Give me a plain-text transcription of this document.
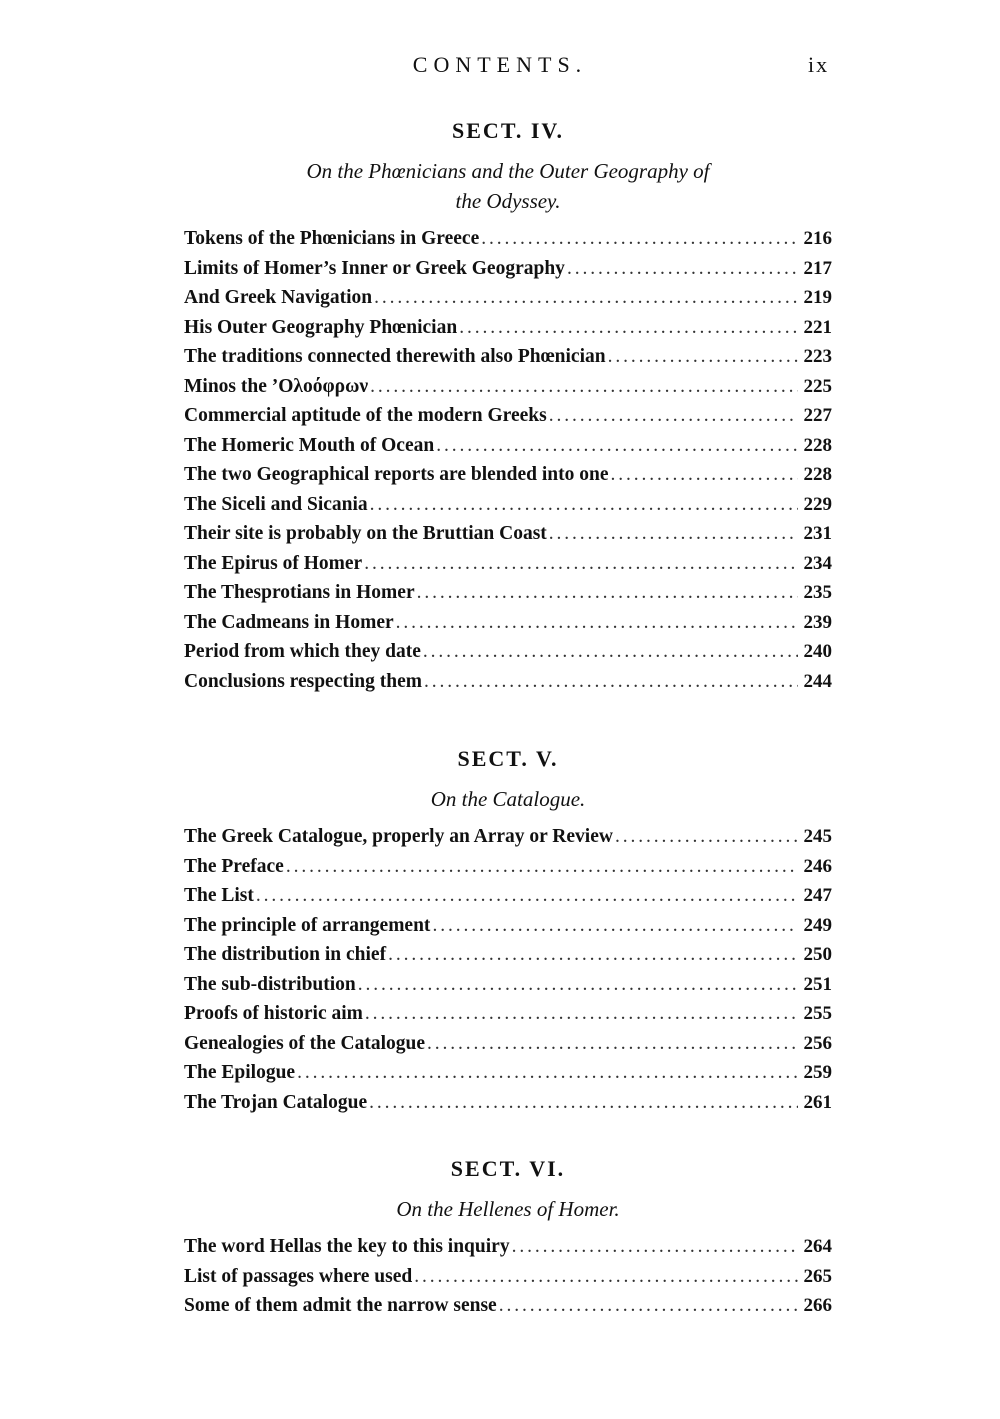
CONTENTS.	ix
SECT. IV.
On the Phœnicians and the Outer Geography of
the Odyssey.
Tokens of the Phœnicians in Greece . . .	216
Limits of Homer’s Inner or Greek Geography . . .	217
And Greek Navigation . . .	219
His Outer Geography Phœnician . . .	221
The traditions connected therewith also Phœnician . . .	223
Minos the ’Ολοόφρων . . .	225
Commercial aptitude of the modern Greeks . . .	227
The Homeric Mouth of Ocean . . .	228
The two Geographical reports are blended into one . . .	228
The Siceli and Sicania . . .	229
Their site is probably on the Bruttian Coast . . .	231
The Epirus of Homer . . .	234
The Thesprotians in Homer . . .	235
The Cadmeans in Homer . . .	239
Period from which they date . . .	240
Conclusions respecting them . . .	244
SECT. V.
On the Catalogue.
The Greek Catalogue, properly an Array or Review . . .	245
The Preface . . .	246
The List . . .	247
The principle of arrangement . . .	249
The distribution in chief . . .	250
The sub-distribution . . .	251
Proofs of historic aim . . .	255
Genealogies of the Catalogue . . .	256
The Epilogue . . .	259
The Trojan Catalogue . . .	261
SECT. VI.
On the Hellenes of Homer.
The word Hellas the key to this inquiry . . .	264
List of passages where used . . .	265
Some of them admit the narrow sense . . .	266
